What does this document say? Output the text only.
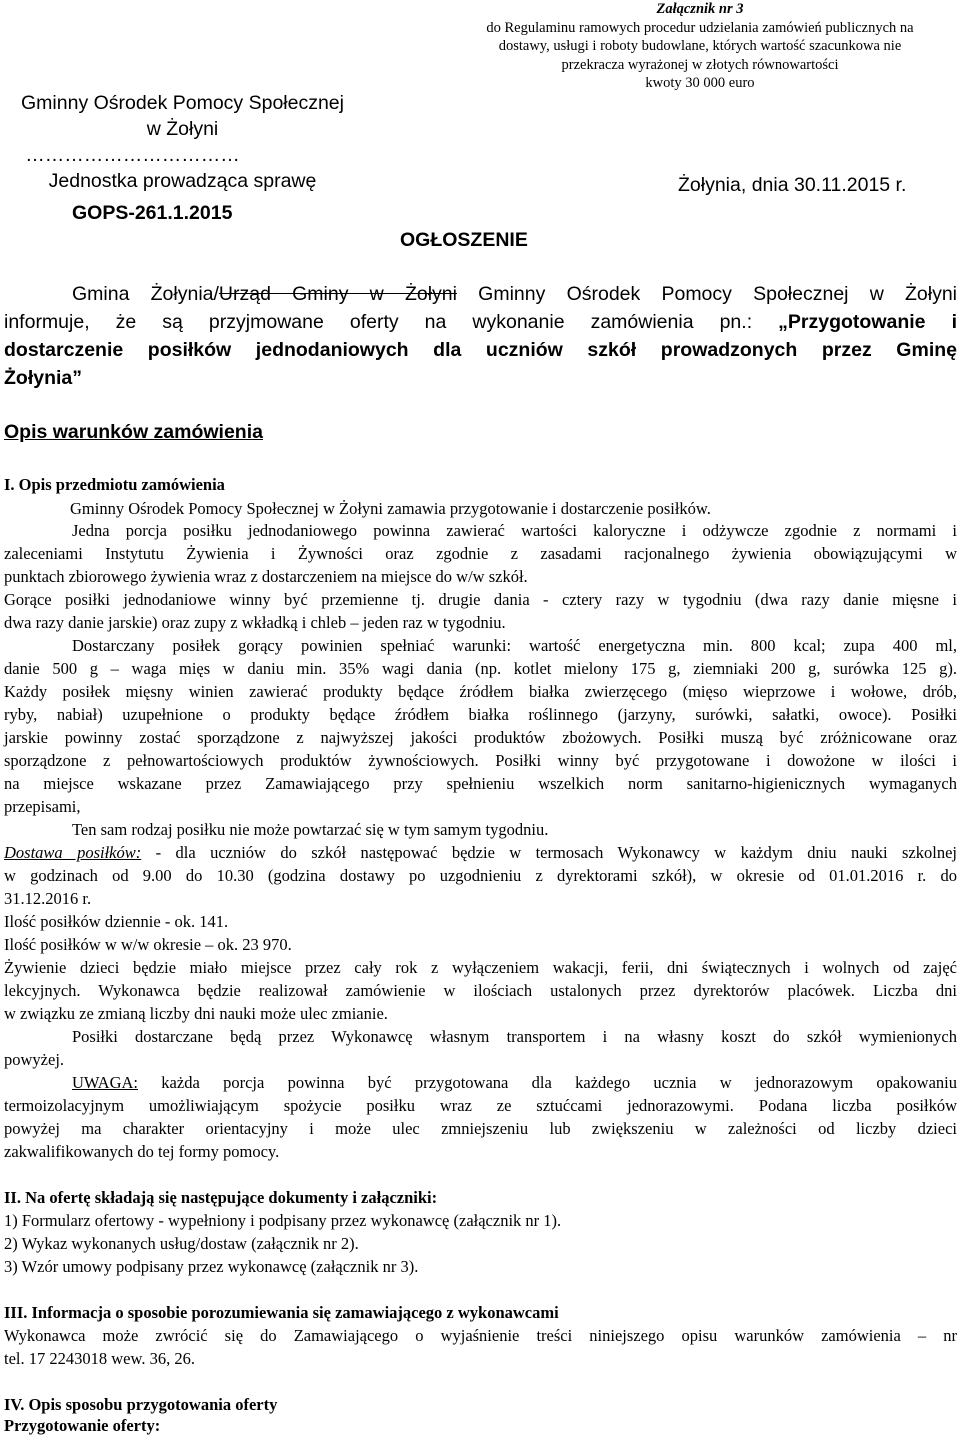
Załącznik nr 3
do Regulaminu ramowych procedur udzielania zamówień publicznych na
dostawy, usługi i roboty budowlane, których wartość szacunkowa nie
przekracza wyrażonej w złotych równowartości
kwoty 30 000 euro
Gminny Ośrodek Pomocy Społecznej
w Żołyni
……………………………
Jednostka prowadząca sprawę
GOPS-261.1.2015
Żołynia, dnia 30.11.2015 r.
OGŁOSZENIE
Gmina Żołynia/Urząd Gminy w Żołyni Gminny Ośrodek Pomocy Społecznej w Żołyni
informuje, że są przyjmowane oferty na wykonanie zamówienia pn.: „Przygotowanie i
dostarczenie posiłków jednodaniowych dla uczniów szkół prowadzonych przez Gminę
Żołynia”
Opis warunków zamówienia
I. Opis przedmiotu zamówienia
Gminny Ośrodek Pomocy Społecznej w Żołyni zamawia przygotowanie i dostarczenie posiłków.
Jedna porcja posiłku jednodaniowego powinna zawierać wartości kaloryczne i odżywcze zgodnie z normami i
zaleceniami Instytutu Żywienia i Żywności oraz zgodnie z zasadami racjonalnego żywienia obowiązującymi w
punktach zbiorowego żywienia wraz z dostarczeniem na miejsce do w/w szkół.
Gorące posiłki jednodaniowe winny być przemienne tj. drugie dania - cztery razy w tygodniu (dwa razy danie mięsne i
dwa razy danie jarskie) oraz zupy z wkładką i chleb – jeden raz w tygodniu.
Dostarczany posiłek gorący powinien spełniać warunki: wartość energetyczna min. 800 kcal; zupa 400 ml,
danie 500 g – waga mięs w daniu min. 35% wagi dania (np. kotlet mielony 175 g, ziemniaki 200 g, surówka 125 g).
Każdy posiłek mięsny winien zawierać produkty będące źródłem białka zwierzęcego (mięso wieprzowe i wołowe, drób,
ryby, nabiał) uzupełnione o produkty będące źródłem białka roślinnego (jarzyny, surówki, sałatki, owoce). Posiłki
jarskie powinny zostać sporządzone z najwyższej jakości produktów zbożowych. Posiłki muszą być zróżnicowane oraz
sporządzone z pełnowartościowych produktów żywnościowych. Posiłki winny być przygotowane i dowożone w ilości i
na miejsce wskazane przez Zamawiającego przy spełnieniu wszelkich norm sanitarno-higienicznych wymaganych
przepisami,
Ten sam rodzaj posiłku nie może powtarzać się w tym samym tygodniu.
Dostawa posiłków: - dla uczniów do szkół następować będzie w termosach Wykonawcy w każdym dniu nauki szkolnej
w godzinach od 9.00 do 10.30 (godzina dostawy po uzgodnieniu z dyrektorami szkół), w okresie od 01.01.2016 r. do
31.12.2016 r.
Ilość posiłków dziennie - ok. 141.
Ilość posiłków w w/w okresie – ok. 23 970.
Żywienie dzieci będzie miało miejsce przez cały rok z wyłączeniem wakacji, ferii, dni świątecznych i wolnych od zajęć
lekcyjnych. Wykonawca będzie realizował zamówienie w ilościach ustalonych przez dyrektorów placówek. Liczba dni
w związku ze zmianą liczby dni nauki może ulec zmianie.
Posiłki dostarczane będą przez Wykonawcę własnym transportem i na własny koszt do szkół wymienionych
powyżej.
UWAGA: każda porcja powinna być przygotowana dla każdego ucznia w jednorazowym opakowaniu
termoizolacyjnym umożliwiającym spożycie posiłku wraz ze sztućcami jednorazowymi. Podana liczba posiłków
powyżej ma charakter orientacyjny i może ulec zmniejszeniu lub zwiększeniu w zależności od liczby dzieci
zakwalifikowanych do tej formy pomocy.
II. Na ofertę składają się następujące dokumenty i załączniki:
1) Formularz ofertowy - wypełniony i podpisany przez wykonawcę (załącznik nr 1).
2) Wykaz wykonanych usług/dostaw (załącznik nr 2).
3) Wzór umowy podpisany przez wykonawcę (załącznik nr 3).
III. Informacja o sposobie porozumiewania się zamawiającego z wykonawcami
Wykonawca może zwrócić się do Zamawiającego o wyjaśnienie treści niniejszego opisu warunków zamówienia – nr
tel. 17 2243018 wew. 36, 26.
IV. Opis sposobu przygotowania oferty
Przygotowanie oferty:
